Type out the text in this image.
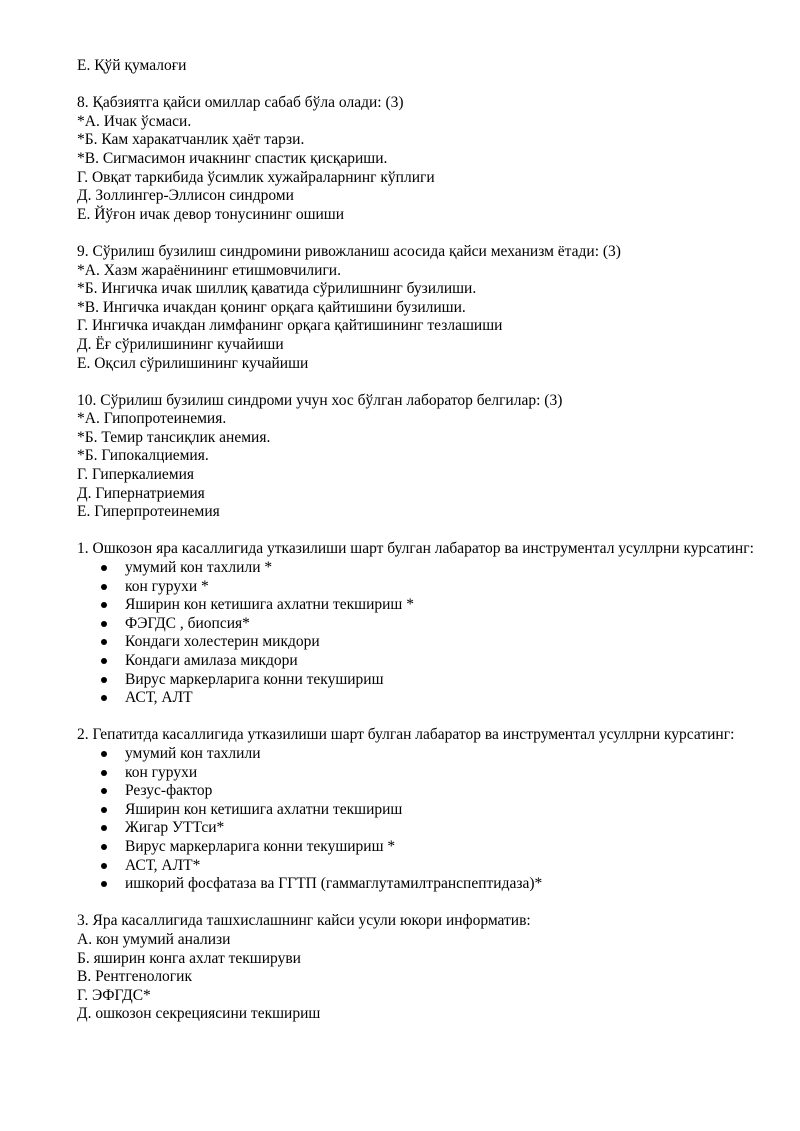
Е. Қўй қумалоғи
8. Қабзиятга қайси омиллар сабаб бўла олади: (3)
*А. Ичак ўсмаси.
*Б. Кам харакатчанлик ҳаёт тарзи.
*В. Сигмасимон ичакнинг спастик қисқариши.
Г. Овқат таркибида ўсимлик хужайраларнинг кўплиги
Д. Золлингер-Эллисон синдроми
Е. Йўғон ичак девор тонусининг ошиши
9. Сўрилиш бузилиш синдромини ривожланиш асосида қайси механизм ётади: (3)
*А. Хазм жараёнининг етишмовчилиги.
*Б. Ингичка ичак шиллиқ қаватида сўрилишнинг бузилиши.
*В. Ингичка ичакдан қонинг орқага қайтишини бузилиши.
Г. Ингичка ичакдан лимфанинг орқага қайтишининг тезлашиши
Д. Ёғ сўрилишининг кучайиши
Е. Оқсил сўрилишининг кучайиши
10. Сўрилиш бузилиш синдроми учун хос бўлган лаборатор белгилар: (3)
*А. Гипопротеинемия.
*Б. Темир тансиқлик анемия.
*Б. Гипокалциемия.
Г. Гиперкалиемия
Д. Гипернатриемия
Е. Гиперпротеинемия
1. Ошкозон яра касаллигида утказилиши шарт булган лабаратор ва инструментал усуллрни курсатинг:
умумий кон тахлили *
кон гурухи *
Яширин кон кетишига ахлатни текшириш *
ФЭГДС , биопсия*
Кондаги холестерин микдори
Кондаги амилаза микдори
Вирус маркерларига конни текушириш
АСТ, АЛТ
2. Гепатитда касаллигида утказилиши шарт булган лабаратор ва инструментал усуллрни курсатинг:
умумий кон тахлили
кон гурухи
Резус-фактор
Яширин кон кетишига ахлатни текшириш
Жигар УТТси*
Вирус маркерларига конни текушириш *
АСТ, АЛТ*
ишкорий фосфатаза ва ГГТП (гаммаглутамилтранспептидаза)*
3. Яра касаллигида ташхислашнинг кайси усули юкори информатив:
А. кон умумий анализи
Б. яширин конга ахлат текшируви
В. Рентгенологик
Г. ЭФГДС*
Д. ошкозон секрециясини текшириш
